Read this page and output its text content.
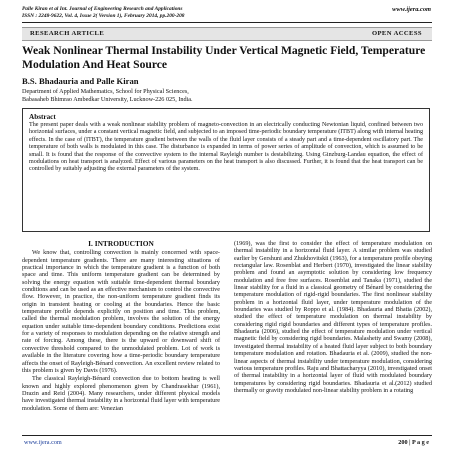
Palle Kiran et al Int. Journal of Engineering Research and Applications
ISSN : 2248-9622, Vol. 4, Issue 2( Version 1), February 2014, pp.200-208
www.ijera.com
RESEARCH ARTICLE	OPEN ACCESS
Weak Nonlinear Thermal Instability Under Vertical Magnetic Field, Temperature Modulation And Heat Source
B.S. Bhadauria and Palle Kiran
Department of Applied Mathematics, School for Physical Sciences,
Babasaheb Bhimrao Ambedkar University, Lucknow-226 025, India.
Abstract
The present paper deals with a weak nonlinear stability problem of magneto-convection in an electrically conducting Newtonian liquid, confined between two horizontal surfaces, under a constant vertical magnetic field, and subjected to an imposed time-periodic boundary temperature (ITBT) along with internal heating effects. In the case of (ITBT), the temperature gradient between the walls of the fluid layer consists of a steady part and a time-dependent oscillatory part. The temperature of both walls is modulated in this case. The disturbance is expanded in terms of power series of amplitude of convection, which is assumed to be small. It is found that the response of the convective system to the internal Rayleigh number is destabilizing. Using Ginzburg-Landau equation, the effect of modulations on heat transport is analyzed. Effect of various parameters on the heat transport is also discussed. Further, it is found that the heat transport can be controlled by suitably adjusting the external parameters of the system.
I. INTRODUCTION

We know that, controlling convection is mainly concerned with space-dependent temperature gradients. There are many interesting situations of practical importance in which the temperature gradient is a function of both space and time. This uniform temperature gradient can be determined by solving the energy equation with suitable time-dependent thermal boundary conditions and can be used as an effective mechanism to control the convective flow. However, in practice, the non-uniform temperature gradient finds its origin in transient heating or cooling at the boundaries. Hence the basic temperature profile depends explicitly on position and time. This problem, called the thermal modulation problem, involves the solution of the energy equation under suitable time-dependent boundary conditions. Predictions exist for a variety of responses to modulation depending on the relative strength and rate of forcing. Among these, there is the upward or downward shift of convective threshold compared to the unmodulated problem. Lot of work is available in the literature covering how a time-periodic boundary temperature affects the onset of Rayleigh-Bénard convection. An excellent review related to this problem is given by Davis (1976).

The classical Rayleigh-Bénard convection due to bottom heating is well known and highly explored phenomenon given by Chandrasekhar (1961), Drazin and Reid (2004). Many researchers, under different physical models have investigated thermal instability in a horizontal fluid layer with temperature modulation. Some of them are: Venezian

(1969), was the first to consider the effect of temperature modulation on thermal instability in a horizontal fluid layer. A similar problem was studied earlier by Gershuni and Zhukhovitskii (1963), for a temperature profile obeying rectangular law. Rosenblat and Herbert (1970), investigated the linear stability problem and found an asymptotic solution by considering low frequency modulation and free free surfaces. Rosenblat and Tanaka (1971), studied the linear stability for a fluid in a classical geometry of Bénard by considering the temperature modulation of rigid-rigid boundaries. The first nonlinear stability problem in a horizontal fluid layer, under temperature modulation of the boundaries was studied by Roppo et al. (1984). Bhadauria and Bhatia (2002), studied the effect of temperature modulation on thermal instability by considering rigid rigid boundaries and different types of temperature profiles. Bhadauria (2006), studied the effect of temperature modulation under vertical magnetic field by considering rigid boundaries. Malashetty and Swamy (2008), investigated thermal instability of a heated fluid layer subject to both boundary temperature modulation and rotation. Bhadauria et al. (2009), studied the non-linear aspects of thermal instability under temperature modulation, considering various temperature profiles. Raju and Bhattacharyya (2010), investigated onset of thermal instability in a horizontal layer of fluid with modulated boundary temperatures by considering rigid boundaries. Bhadauria et al.(2012) studied thermally or gravity modulated non-linear stability problem in a rotating

www.ijera.com	200 | P a g e
